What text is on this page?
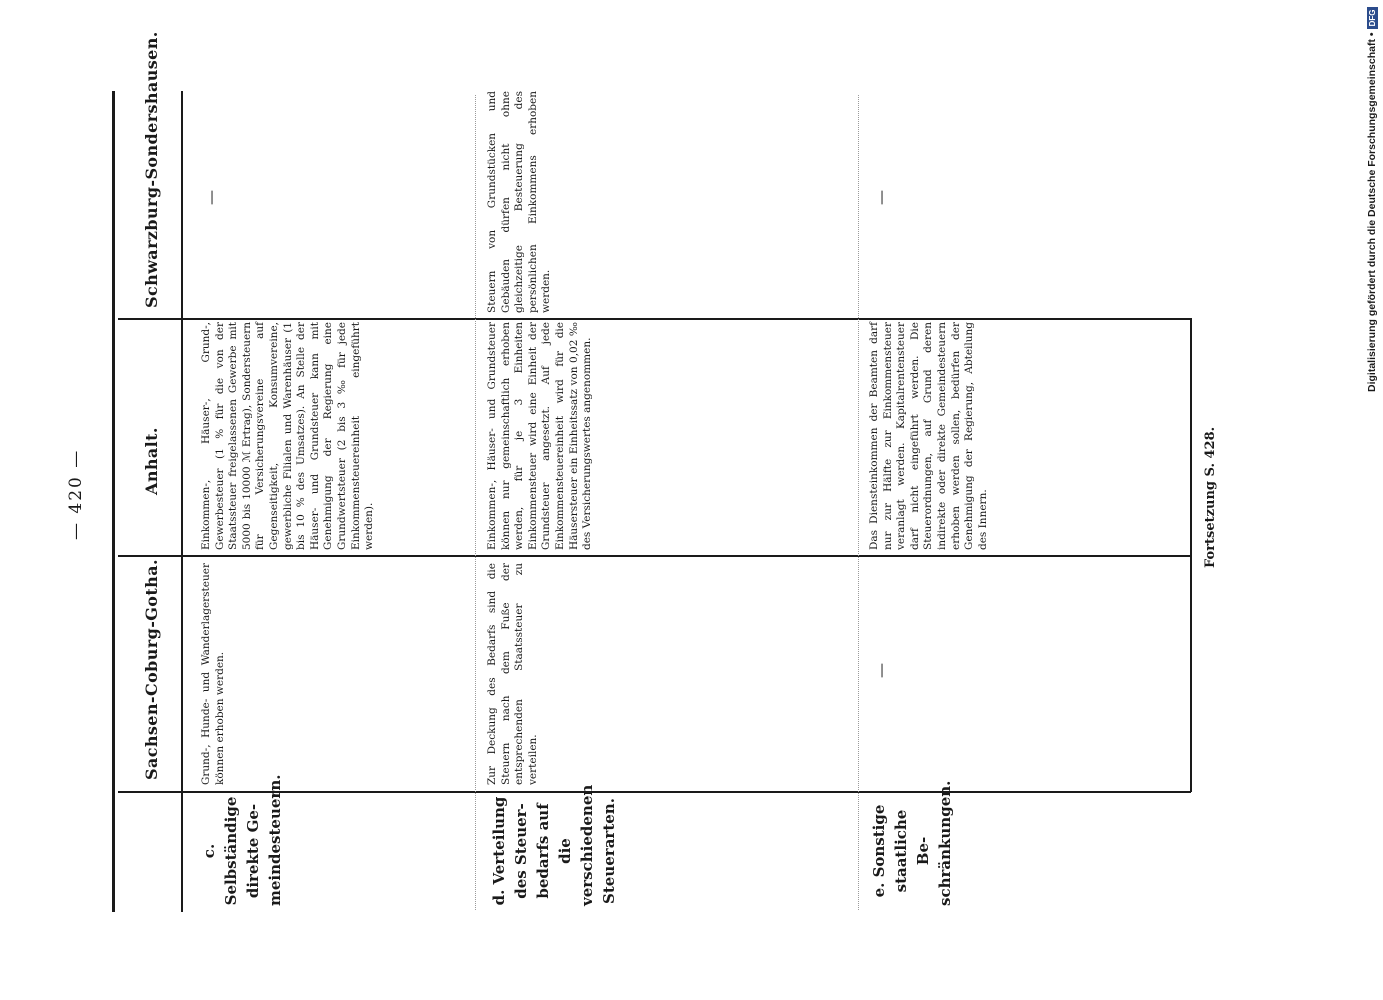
— 420 —
Sachsen-Coburg-Gotha.
Anhalt.
Schwarzburg-Sondershausen.
c. Selbständige
direkte Ge-
meindesteuern.
Grund-, Hunde- und Wanderlagersteuer können erhoben werden.
Einkommen-, Häuser-, Grund-, Gewerbesteuer (1 % für die von der Staatssteuer freigelassenen Gewerbe mit 5000 bis 10000 ℳ Ertrag), Sondersteuern für Versicherungsvereine auf Gegenseitigkeit, Konsumvereine, gewerbliche Filialen und Warenhäuser (1 bis 10 % des Umsatzes). An Stelle der Häuser- und Grundsteuer kann mit Genehmigung der Regierung eine Grundwertsteuer (2 bis 3 ‰ für jede Einkommensteuereinheit eingeführt werden).
—
d. Verteilung
des Steuer-
bedarfs auf die
verschiedenen
Steuerarten.
Zur Deckung des Bedarfs sind die Steuern nach dem Fuße der entsprechenden Staatssteuer zu verteilen.
Einkommen-, Häuser- und Grundsteuer können nur gemeinschaftlich erhoben werden, für je 3 Einheiten Einkommensteuer wird eine Einheit der Grundsteuer angesetzt. Auf jede Einkommensteuereinheit wird für die Häusersteuer ein Einheitssatz von 0,02 ‰ des Versicherungswertes angenommen.
Steuern von Grundstücken und Gebäuden dürfen nicht ohne gleichzeitige Besteuerung des persönlichen Einkommens erhoben werden.
e. Sonstige
staatliche Be-
schränkungen.
—
Das Diensteinkommen der Beamten darf nur zur Hälfte zur Einkommensteuer veranlagt werden. Kapitalrentensteuer darf nicht eingeführt werden. Die Steuerordnungen, auf Grund deren indirekte oder direkte Gemeindesteuern erhoben werden sollen, bedürfen der Genehmigung der Regierung, Abteilung des Innern.
—
Fortsetzung S. 428.
Digitalisierung gefördert durch die Deutsche Forschungsgemeinschaft •DFG
